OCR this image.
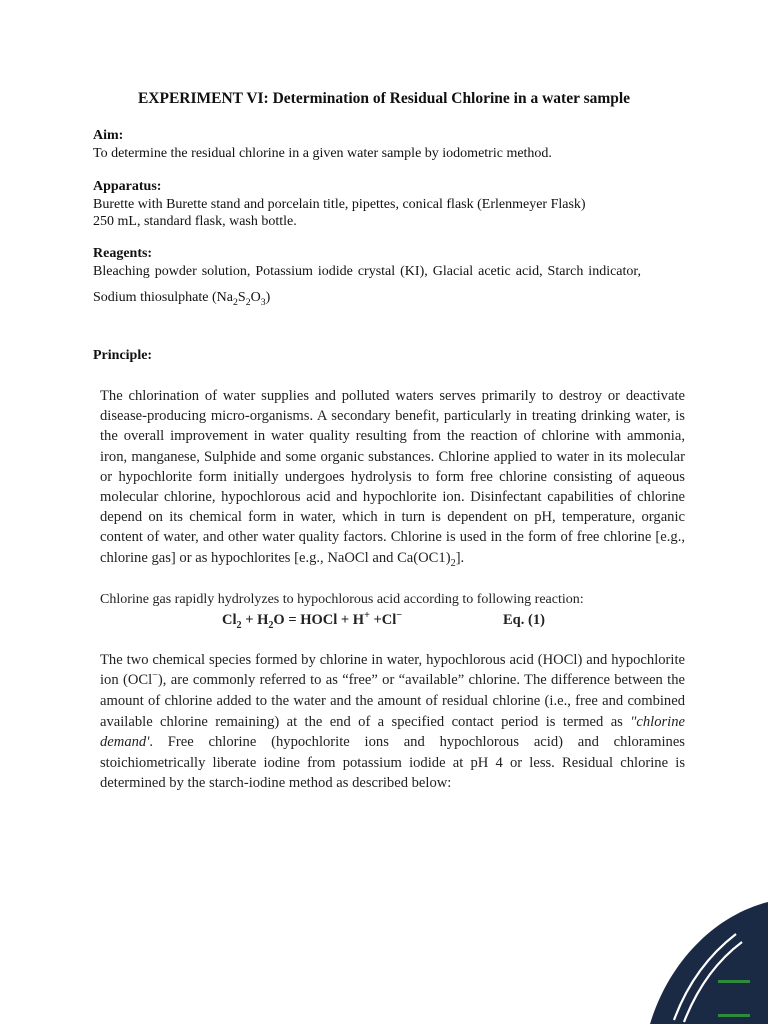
EXPERIMENT VI: Determination of Residual Chlorine in a water sample
Aim:
To determine the residual chlorine in a given water sample by iodometric method.
Apparatus:
Burette with Burette stand and porcelain title, pipettes, conical flask (Erlenmeyer Flask)
250 mL, standard flask, wash bottle.
Reagents:
Bleaching powder solution, Potassium iodide crystal (KI), Glacial acetic acid, Starch indicator, Sodium thiosulphate $(Na_2S_2O_3)$
Principle:

The chlorination of water supplies and polluted waters serves primarily to destroy or deactivate disease-producing micro-organisms. A secondary benefit, particularly in treating drinking water, is the overall improvement in water quality resulting from the reaction of chlorine with ammonia, iron, manganese, Sulphide and some organic substances. Chlorine applied to water in its molecular or hypochlorite form initially undergoes hydrolysis to form free chlorine consisting of aqueous molecular chlorine, hypochlorous acid and hypochlorite ion. Disinfectant capabilities of chlorine depend on its chemical form in water, which in turn is dependent on pH, temperature, organic content of water, and other water quality factors. Chlorine is used in the form of free chlorine [e.g., chlorine gas] or as hypochlorites [e.g., NaOCl and $Ca(OC1)_2$].

Chlorine gas rapidly hydrolyzes to hypochlorous acid according to following reaction:
$Cl_2 + H_2O$ = HOCl + H+ +Cl−	Eq. (1)

The two chemical species formed by chlorine in water, hypochlorous acid (HOCl) and hypochlorite ion (OCl−), are commonly referred to as “free” or “available” chlorine. The difference between the amount of chlorine added to the water and the amount of residual chlorine (i.e., free and combined available chlorine remaining) at the end of a specified contact period is termed as "chlorine demand'. Free chlorine (hypochlorite ions and hypochlorous acid) and chloramines stoichiometrically liberate iodine from potassium iodide at pH 4 or less. Residual chlorine is determined by the starch-iodine method as described below:

20
